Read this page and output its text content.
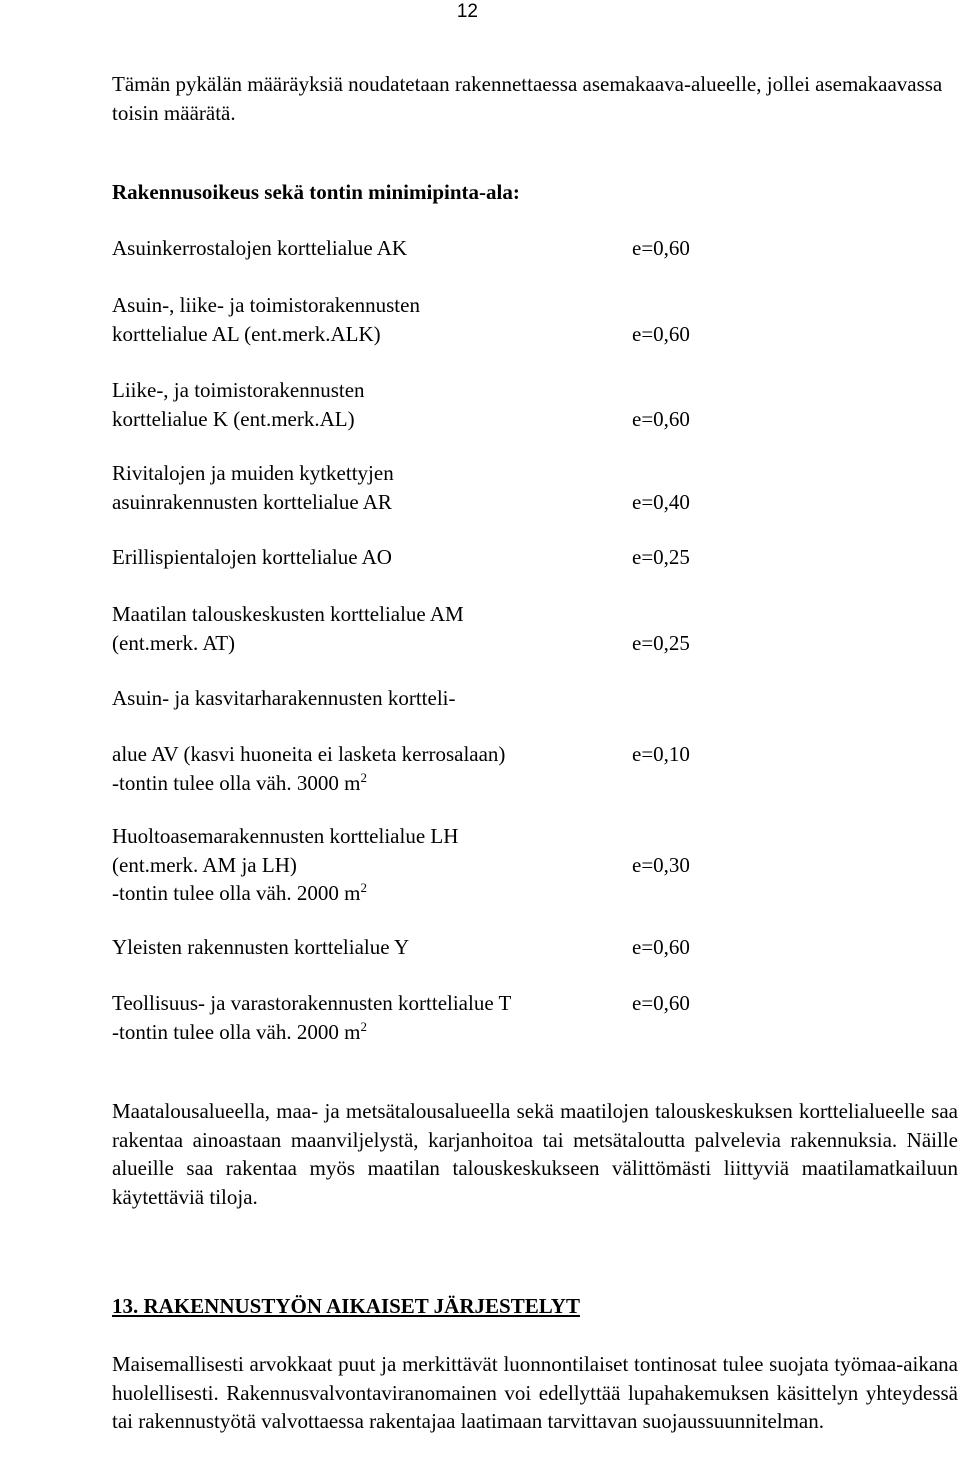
12

Tämän pykälän määräyksiä noudatetaan rakennettaessa asemakaava-alueelle, jollei asemakaavassa toisin määrätä.

Rakennusoikeus sekä tontin minimipinta-ala:
Asuinkerrostalojen korttelialue AK	e=0,60
Asuin-, liike- ja toimistorakennusten
korttelialue AL (ent.merk.ALK)	e=0,60
Liike-, ja toimistorakennusten
korttelialue K (ent.merk.AL)	e=0,60
Rivitalojen ja muiden kytkettyjen
asuinrakennusten korttelialue AR	e=0,40
Erillispientalojen korttelialue AO	e=0,25
Maatilan talouskeskusten korttelialue AM
(ent.merk. AT)	e=0,25
Asuin- ja kasvitarharakennusten kortteli-
alue AV (kasvi huoneita ei lasketa kerrosalaan)	e=0,10
-tontin tulee olla väh. 3000 $m^2$
Huoltoasemarakennusten korttelialue LH
(ent.merk. AM ja LH)	e=0,30
-tontin tulee olla väh. 2000 $m^2$
Yleisten rakennusten korttelialue Y	e=0,60
Teollisuus- ja varastorakennusten korttelialue T	e=0,60
-tontin tulee olla väh. 2000 $m^2$

Maatalousalueella, maa- ja metsätalousalueella sekä maatilojen talouskeskuksen korttelialueelle saa rakentaa ainoastaan maanviljelystä, karjanhoitoa tai metsätaloutta palvelevia rakennuksia. Näille alueille saa rakentaa myös maatilan talouskeskukseen välittömästi liittyviä maatilamatkailuun käytettäviä tiloja.

13. RAKENNUSTYÖN AIKAISET JÄRJESTELYT

Maisemallisesti arvokkaat puut ja merkittävät luonnontilaiset tontinosat tulee suojata työmaa-aikana huolellisesti. Rakennusvalvontaviranomainen voi edellyttää lupahakemuksen käsittelyn yhteydessä tai rakennustyötä valvottaessa rakentajaa laatimaan tarvittavan suojaussuunnitelman.
